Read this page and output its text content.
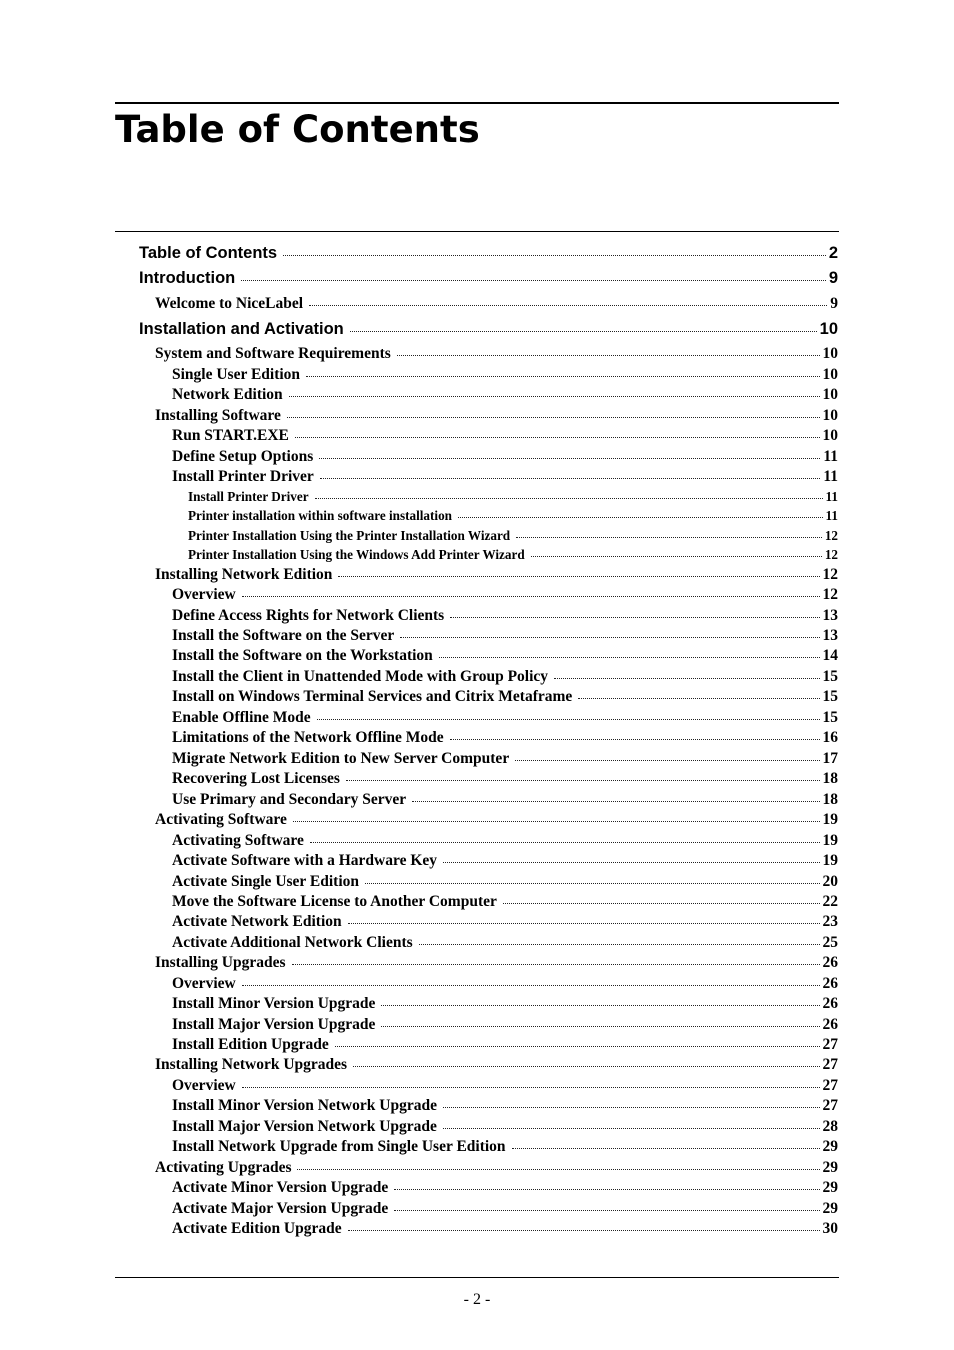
Table of Contents
Table of Contents	2
Introduction	9
Welcome to NiceLabel	9
Installation and Activation	10
System and Software Requirements	10
Single User Edition	10
Network Edition	10
Installing Software	10
Run START.EXE	10
Define Setup Options	11
Install Printer Driver	11
Install Printer Driver	11
Printer installation within software installation	11
Printer Installation Using the Printer Installation Wizard	12
Printer Installation Using the Windows Add Printer Wizard	12
Installing Network Edition	12
Overview	12
Define Access Rights for Network Clients	13
Install the Software on the Server	13
Install the Software on the Workstation	14
Install the Client in Unattended Mode with Group Policy	15
Install on Windows Terminal Services and Citrix Metaframe	15
Enable Offline Mode	15
Limitations of the Network Offline Mode	16
Migrate Network Edition to New Server Computer	17
Recovering Lost Licenses	18
Use Primary and Secondary Server	18
Activating Software	19
Activating Software	19
Activate Software with a Hardware Key	19
Activate Single User Edition	20
Move the Software License to Another Computer	22
Activate Network Edition	23
Activate Additional Network Clients	25
Installing Upgrades	26
Overview	26
Install Minor Version Upgrade	26
Install Major Version Upgrade	26
Install Edition Upgrade	27
Installing Network Upgrades	27
Overview	27
Install Minor Version Network Upgrade	27
Install Major Version Network Upgrade	28
Install Network Upgrade from Single User Edition	29
Activating Upgrades	29
Activate Minor Version Upgrade	29
Activate Major Version Upgrade	29
Activate Edition Upgrade	30
- 2 -
